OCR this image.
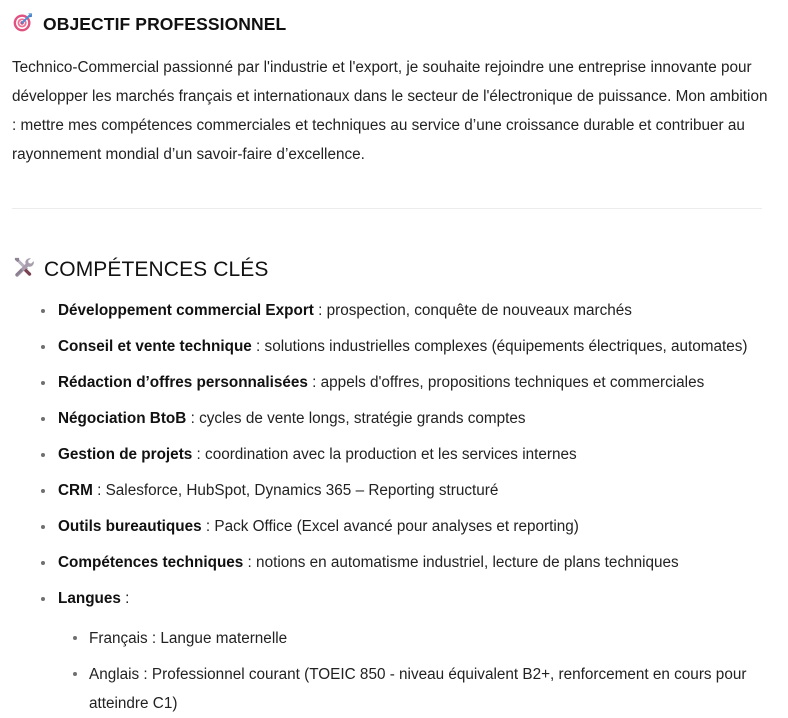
OBJECTIF PROFESSIONNEL

Technico-Commercial passionné par l'industrie et l'export, je souhaite rejoindre une entreprise innovante pour développer les marchés français et internationaux dans le secteur de l'électronique de puissance. Mon ambition : mettre mes compétences commerciales et techniques au service d’une croissance durable et contribuer au rayonnement mondial d’un savoir-faire d’excellence.

COMPÉTENCES CLÉS
Développement commercial Export : prospection, conquête de nouveaux marchés
Conseil et vente technique : solutions industrielles complexes (équipements électriques, automates)
Rédaction d’offres personnalisées : appels d'offres, propositions techniques et commerciales
Négociation BtoB : cycles de vente longs, stratégie grands comptes
Gestion de projets : coordination avec la production et les services internes
CRM : Salesforce, HubSpot, Dynamics 365 – Reporting structuré
Outils bureautiques : Pack Office (Excel avancé pour analyses et reporting)
Compétences techniques : notions en automatisme industriel, lecture de plans techniques
Langues :
Français : Langue maternelle
Anglais : Professionnel courant (TOEIC 850 - niveau équivalent B2+, renforcement en cours pour atteindre C1)
